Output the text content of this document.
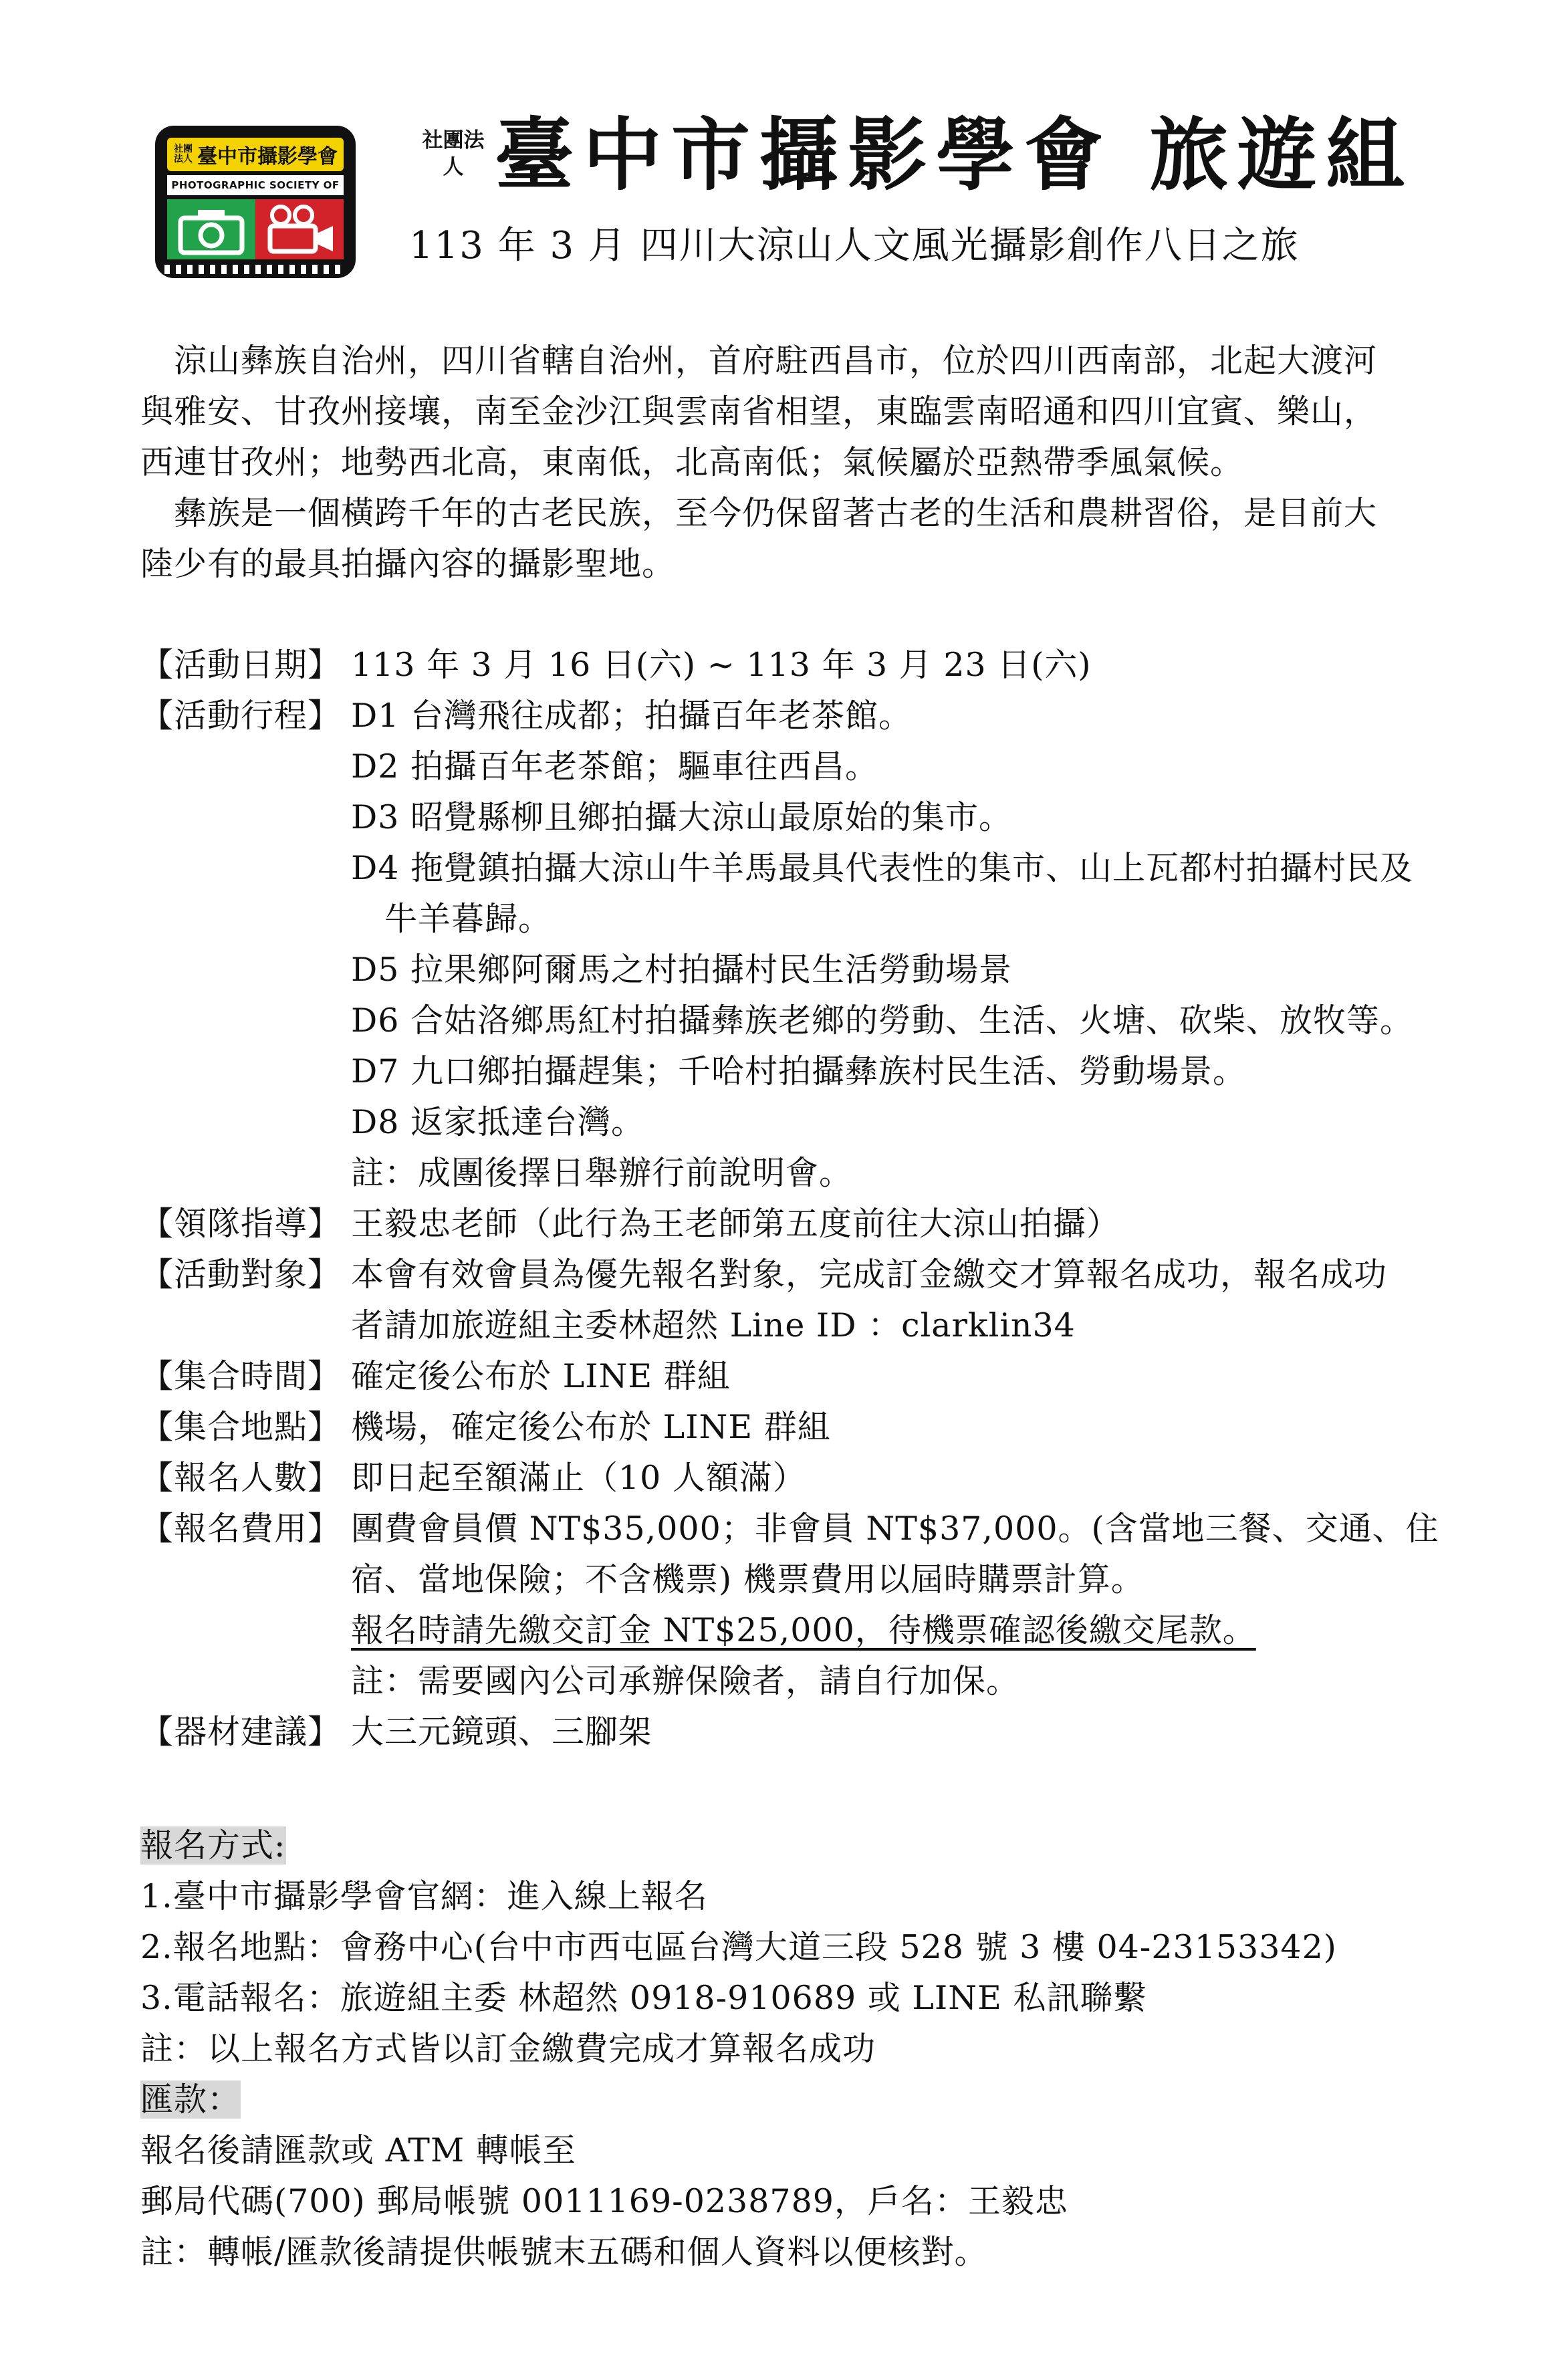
社團法人 臺中市攝影學會
PHOTOGRAPHIC SOCIETY OF
社團法人 臺中市攝影學會 旅遊組
113 年 3 月 四川大涼山人文風光攝影創作八日之旅
　涼山彝族自治州，四川省轄自治州，首府駐西昌市，位於四川西南部，北起大渡河
與雅安、甘孜州接壤，南至金沙江與雲南省相望，東臨雲南昭通和四川宜賓、樂山，
西連甘孜州；地勢西北高，東南低，北高南低；氣候屬於亞熱帶季風氣候。
　彝族是一個橫跨千年的古老民族，至今仍保留著古老的生活和農耕習俗，是目前大
陸少有的最具拍攝內容的攝影聖地。
【活動日期】 113 年 3 月 16 日(六) ~ 113 年 3 月 23 日(六)
【活動行程】 D1 台灣飛往成都；拍攝百年老茶館。
D2 拍攝百年老茶館；驅車往西昌。
D3 昭覺縣柳且鄉拍攝大涼山最原始的集市。
D4 拖覺鎮拍攝大涼山牛羊馬最具代表性的集市、山上瓦都村拍攝村民及
　牛羊暮歸。
D5 拉果鄉阿爾馬之村拍攝村民生活勞動場景
D6 合姑洛鄉馬紅村拍攝彝族老鄉的勞動、生活、火塘、砍柴、放牧等。
D7 九口鄉拍攝趕集；千哈村拍攝彝族村民生活、勞動場景。
D8 返家抵達台灣。
註：成團後擇日舉辦行前說明會。
【領隊指導】 王毅忠老師（此行為王老師第五度前往大涼山拍攝）
【活動對象】 本會有效會員為優先報名對象，完成訂金繳交才算報名成功，報名成功
者請加旅遊組主委林超然 Line ID ：clarklin34
【集合時間】 確定後公布於 LINE 群組
【集合地點】 機場，確定後公布於 LINE 群組
【報名人數】 即日起至額滿止（10 人額滿）
【報名費用】 團費會員價 NT$35,000；非會員 NT$37,000。(含當地三餐、交通、住
宿、當地保險；不含機票) 機票費用以屆時購票計算。
報名時請先繳交訂金 NT$25,000，待機票確認後繳交尾款。
註：需要國內公司承辦保險者，請自行加保。
【器材建議】 大三元鏡頭、三腳架
報名方式:
1.臺中市攝影學會官網：進入線上報名
2.報名地點：會務中心(台中市西屯區台灣大道三段 528 號 3 樓 04-23153342)
3.電話報名：旅遊組主委 林超然 0918-910689 或 LINE 私訊聯繫
註：以上報名方式皆以訂金繳費完成才算報名成功
匯款：
報名後請匯款或 ATM 轉帳至
郵局代碼(700) 郵局帳號 0011169-0238789，戶名：王毅忠
註：轉帳/匯款後請提供帳號末五碼和個人資料以便核對。
